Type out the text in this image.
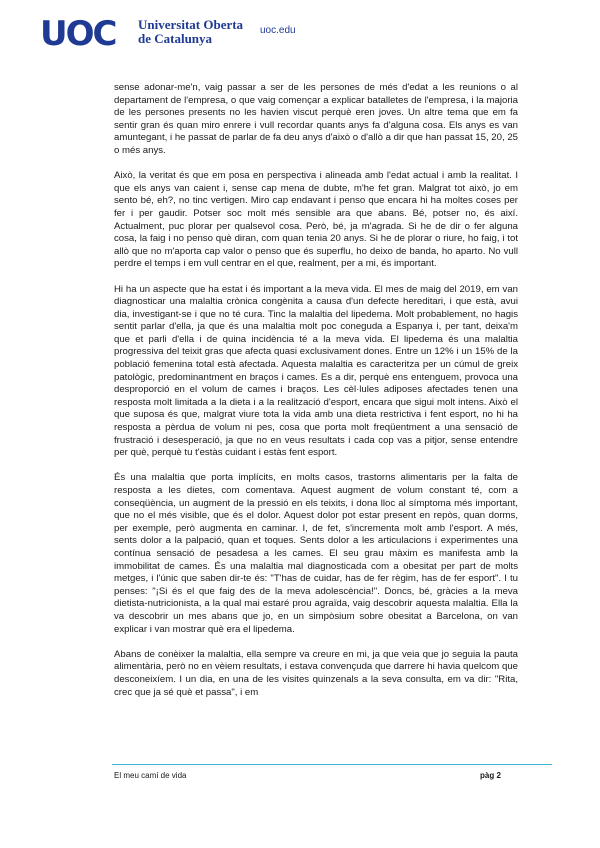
UOC Universitat Oberta
de Catalunya
uoc.edu

sense adonar-me'n, vaig passar a ser de les persones de més d'edat a les reunions o al departament de l'empresa, o que vaig començar a explicar batalletes de l'empresa, i la majoria de les persones presents no les havien viscut perquè eren joves. Un altre tema que em fa sentir gran és quan miro enrere i vull recordar quants anys fa d'alguna cosa. Els anys es van amuntegant, i he passat de parlar de fa deu anys d'això o d'allò a dir que han passat 15, 20, 25 o més anys.

Això, la veritat és que em posa en perspectiva i alineada amb l'edat actual i amb la realitat. I que els anys van caient i, sense cap mena de dubte, m'he fet gran. Malgrat tot això, jo em sento bé, eh?, no tinc vertigen. Miro cap endavant i penso que encara hi ha moltes coses per fer i per gaudir. Potser soc molt més sensible ara que abans. Bé, potser no, és així. Actualment, puc plorar per qualsevol cosa. Però, bé, ja m'agrada. Si he de dir o fer alguna cosa, la faig i no penso què diran, com quan tenia 20 anys. Si he de plorar o riure, ho faig, i tot allò que no m'aporta cap valor o penso que és superflu, ho deixo de banda, ho aparto. No vull perdre el temps i em vull centrar en el que, realment, per a mi, és important.

Hi ha un aspecte que ha estat i és important a la meva vida. El mes de maig del 2019, em van diagnosticar una malaltia crònica congènita a causa d'un defecte hereditari, i que està, avui dia, investigant-se i que no té cura. Tinc la malaltia del lipedema. Molt probablement, no hagis sentit parlar d'ella, ja que és una malaltia molt poc coneguda a Espanya i, per tant, deixa'm que et parli d'ella i de quina incidència té a la meva vida. El lipedema és una malaltia progressiva del teixit gras que afecta quasi exclusivament dones. Entre un 12% i un 15% de la població femenina total està afectada. Aquesta malaltia es caracteritza per un cúmul de greix patològic, predominantment en braços i cames. Es a dir, perquè ens entenguem, provoca una desproporció en el volum de cames i braços. Les cèl·lules adiposes afectades tenen una resposta molt limitada a la dieta i a la realització d'esport, encara que sigui molt intens. Això el que suposa és que, malgrat viure tota la vida amb una dieta restrictiva i fent esport, no hi ha resposta a pèrdua de volum ni pes, cosa que porta molt freqüentment a una sensació de frustració i desesperació, ja que no en veus resultats i cada cop vas a pitjor, sense entendre per què, perquè tu t'estàs cuidant i estàs fent esport.

És una malaltia que porta implícits, en molts casos, trastorns alimentaris per la falta de resposta a les dietes, com comentava. Aquest augment de volum constant té, com a conseqüència, un augment de la pressió en els teixits, i dona lloc al símptoma més important, que no el més visible, que és el dolor. Aquest dolor pot estar present en repòs, quan dorms, per exemple, però augmenta en caminar. I, de fet, s'incrementa molt amb l'esport. A més, sents dolor a la palpació, quan et toques. Sents dolor a les articulacions i experimentes una contínua sensació de pesadesa a les cames. El seu grau màxim es manifesta amb la immobilitat de cames. És una malaltia mal diagnosticada com a obesitat per part de molts metges, i l'únic que saben dir-te és: "T'has de cuidar, has de fer règim, has de fer esport". I tu penses: "¡Si és el que faig des de la meva adolescència!". Doncs, bé, gràcies a la meva dietista-nutricionista, a la qual mai estaré prou agraïda, vaig descobrir aquesta malaltia. Ella la va descobrir un mes abans que jo, en un simpòsium sobre obesitat a Barcelona, on van explicar i van mostrar què era el lipedema.

Abans de conèixer la malaltia, ella sempre va creure en mi, ja que veia que jo seguia la pauta alimentària, però no en vèiem resultats, i estava convençuda que darrere hi havia quelcom que desconeixíem. I un dia, en una de les visites quinzenals a la seva consulta, em va dir: "Rita, crec que ja sé què et passa", i em

El meu camí de vida	pàg 2
